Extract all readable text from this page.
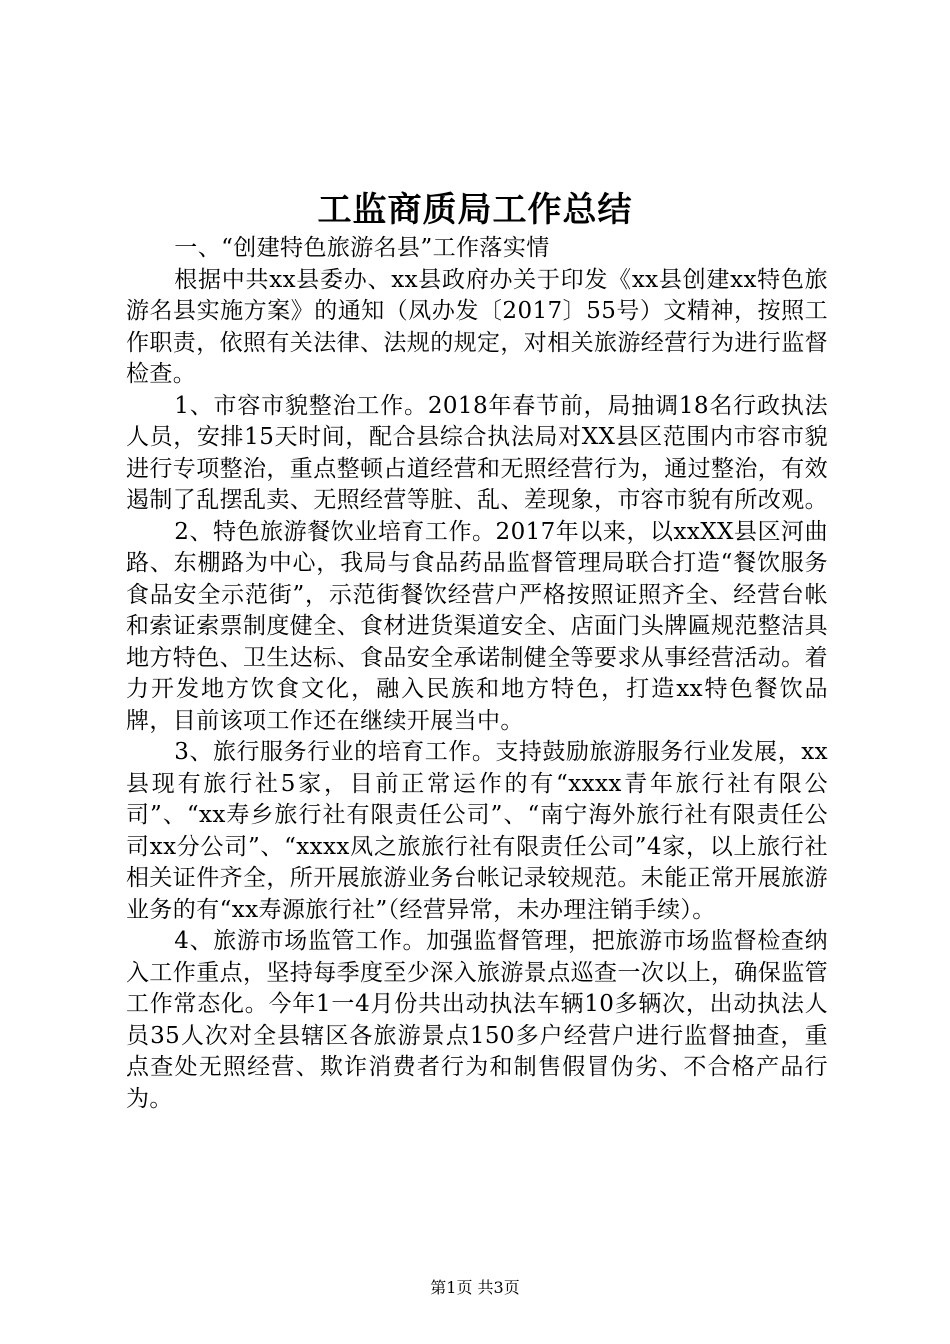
工监商质局工作总结

一、“创建特色旅游名县”工作落实情

根据中共xx县委办、xx县政府办关于印发《xx县创建xx特色旅游名县实施方案》的通知（凤办发〔2017〕55号）文精神，按照工作职责，依照有关法律、法规的规定，对相关旅游经营行为进行监督检查。

1、市容市貌整治工作。2018年春节前，局抽调18名行政执法人员，安排15天时间，配合县综合执法局对XX县区范围内市容市貌进行专项整治，重点整顿占道经营和无照经营行为，通过整治，有效遏制了乱摆乱卖、无照经营等脏、乱、差现象，市容市貌有所改观。

2、特色旅游餐饮业培育工作。2017年以来，以xxXX县区河曲路、东棚路为中心，我局与食品药品监督管理局联合打造“餐饮服务食品安全示范街”，示范街餐饮经营户严格按照证照齐全、经营台帐和索证索票制度健全、食材进货渠道安全、店面门头牌匾规范整洁具地方特色、卫生达标、食品安全承诺制健全等要求从事经营活动。着力开发地方饮食文化，融入民族和地方特色，打造xx特色餐饮品牌，目前该项工作还在继续开展当中。

3、旅行服务行业的培育工作。支持鼓励旅游服务行业发展，xx县现有旅行社5家，目前正常运作的有“xxxx青年旅行社有限公司”、“xx寿乡旅行社有限责任公司”、“南宁海外旅行社有限责任公司xx分公司”、“xxxx凤之旅旅行社有限责任公司”4家，以上旅行社相关证件齐全，所开展旅游业务台帐记录较规范。未能正常开展旅游业务的有“xx寿源旅行社”（经营异常，未办理注销手续）。

4、旅游市场监管工作。加强监督管理，把旅游市场监督检查纳入工作重点，坚持每季度至少深入旅游景点巡查一次以上，确保监管工作常态化。今年1一4月份共出动执法车辆10多辆次，出动执法人员35人次对全县辖区各旅游景点150多户经营户进行监督抽查，重点查处无照经营、欺诈消费者行为和制售假冒伪劣、不合格产品行为。

第1页 共3页
